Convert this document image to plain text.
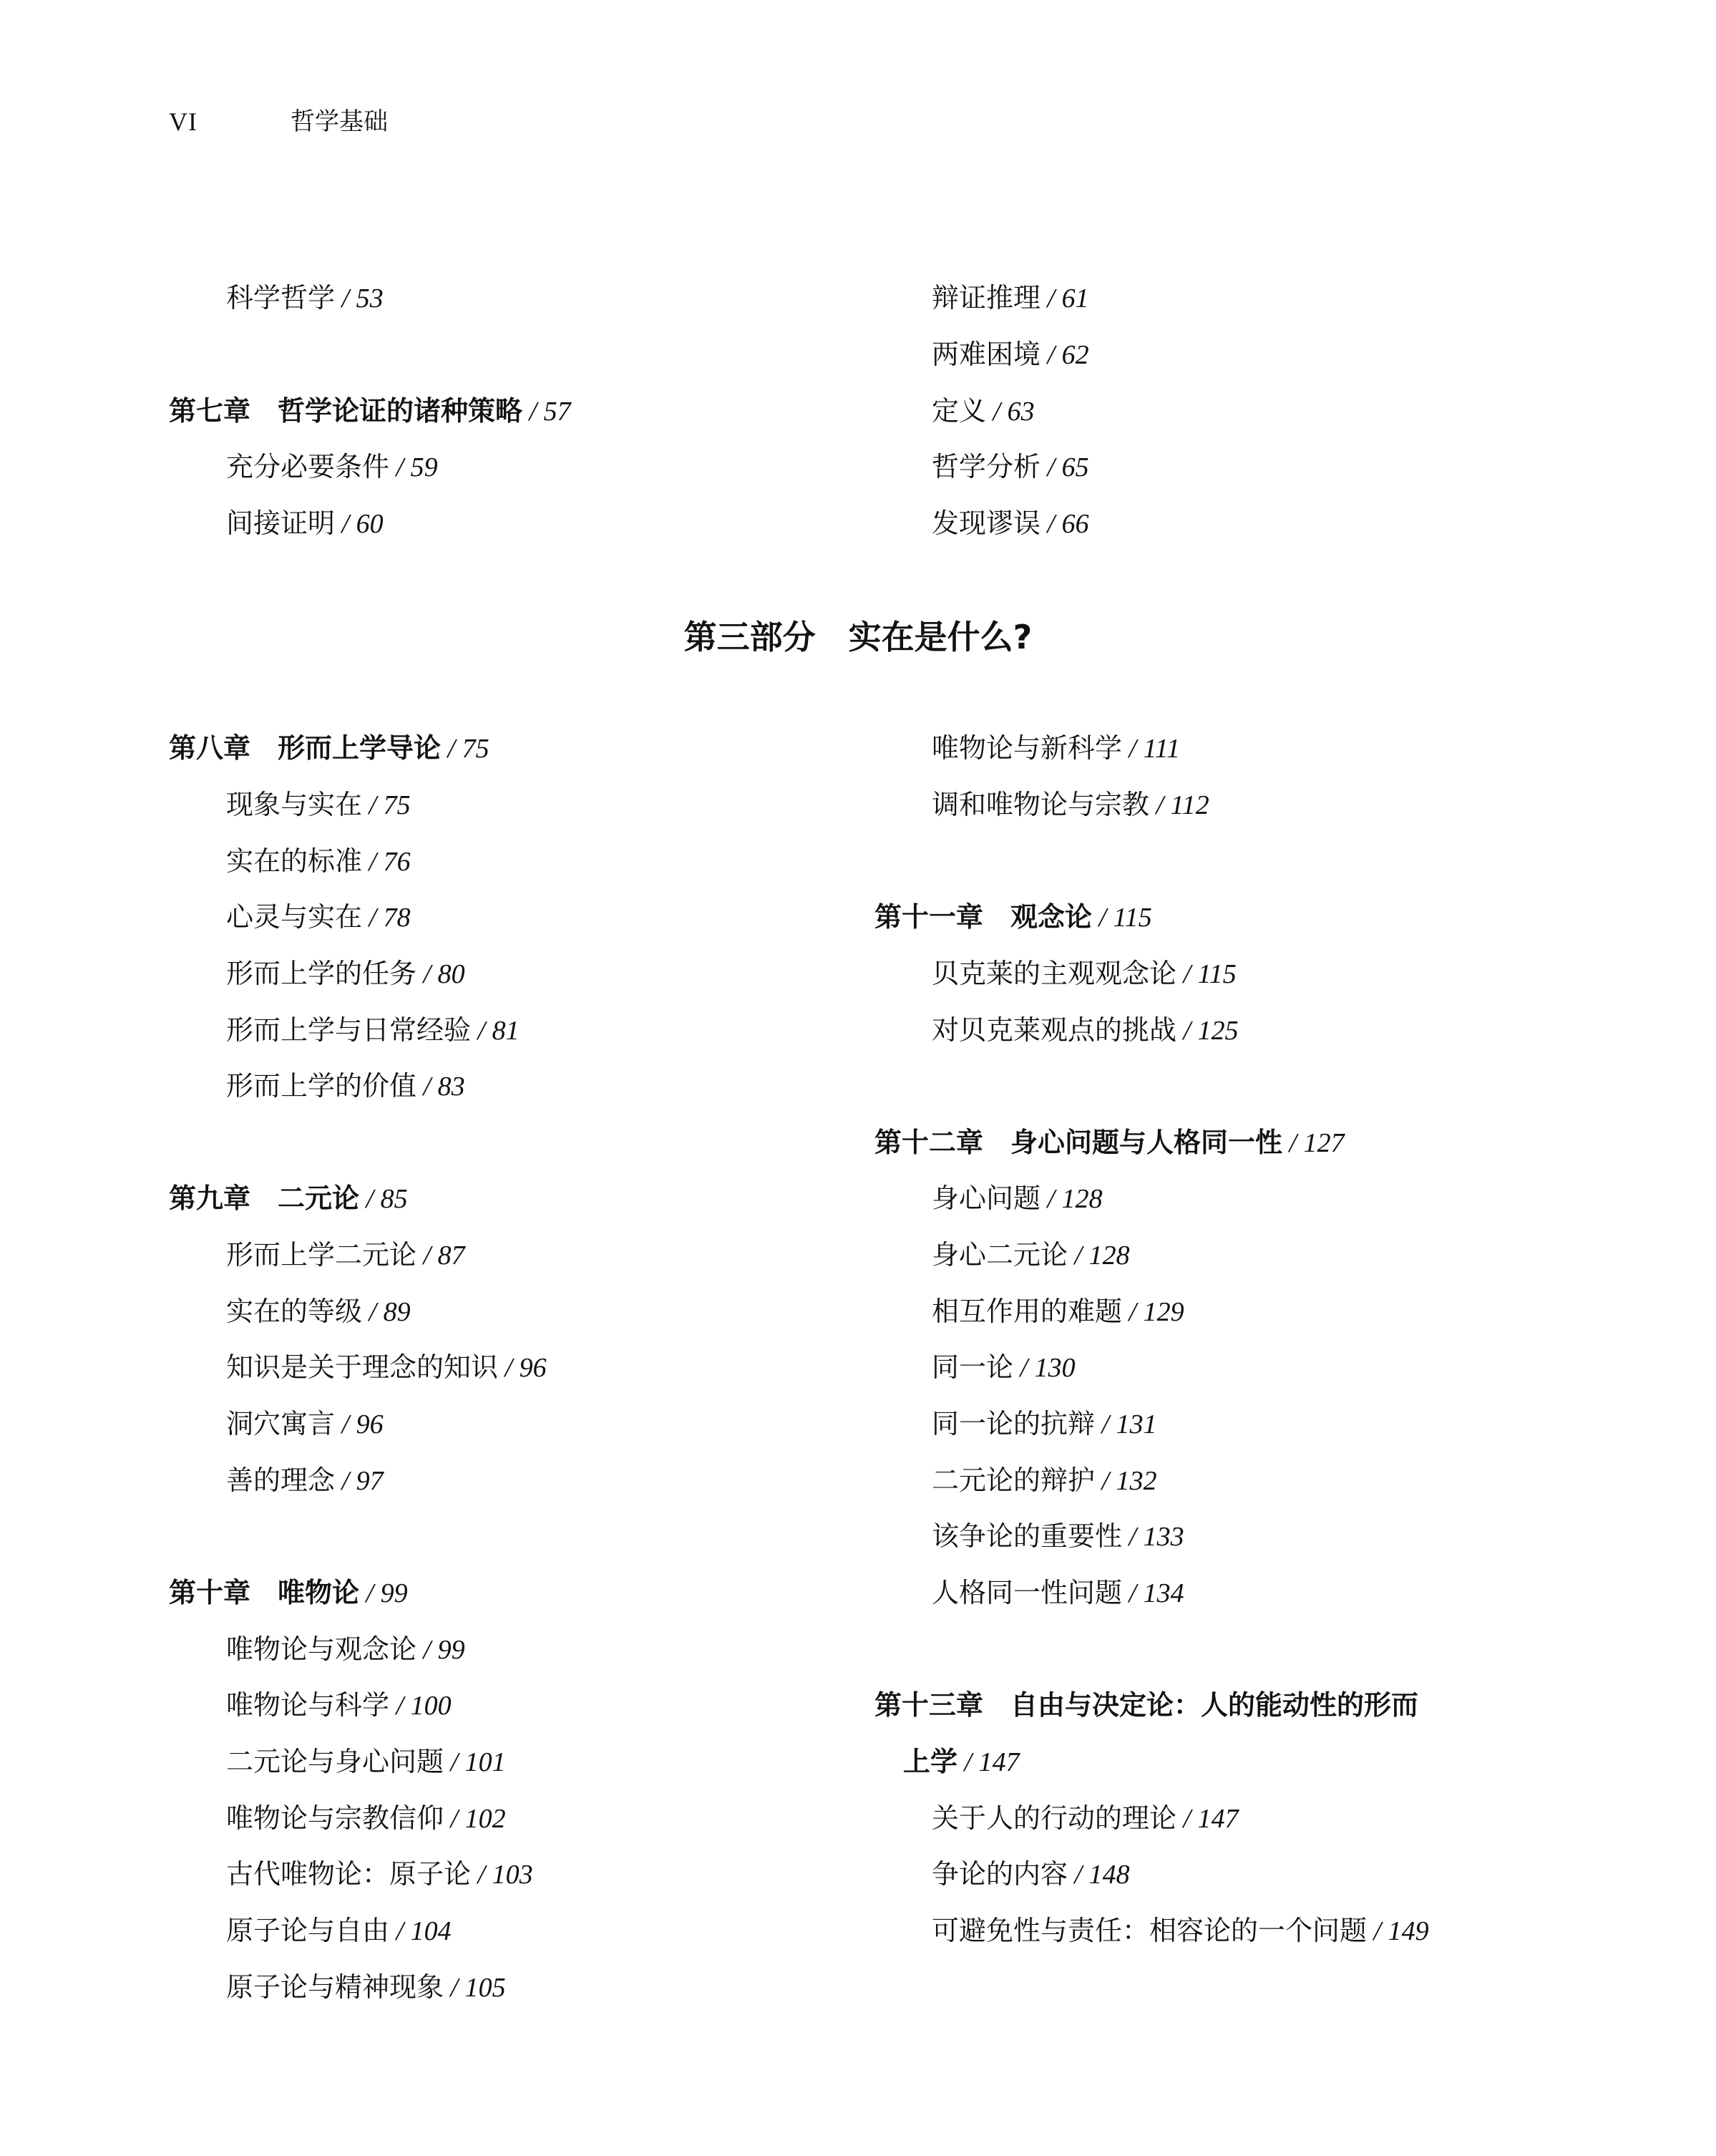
VI	哲学基础
科学哲学 / 53
第七章　哲学论证的诸种策略 / 57
充分必要条件 / 59
间接证明 / 60
辩证推理 / 61
两难困境 / 62
定义 / 63
哲学分析 / 65
发现谬误 / 66
第三部分　实在是什么?
第八章　形而上学导论 / 75
现象与实在 / 75
实在的标准 / 76
心灵与实在 / 78
形而上学的任务 / 80
形而上学与日常经验 / 81
形而上学的价值 / 83
第九章　二元论 / 85
形而上学二元论 / 87
实在的等级 / 89
知识是关于理念的知识 / 96
洞穴寓言 / 96
善的理念 / 97
第十章　唯物论 / 99
唯物论与观念论 / 99
唯物论与科学 / 100
二元论与身心问题 / 101
唯物论与宗教信仰 / 102
古代唯物论：原子论 / 103
原子论与自由 / 104
原子论与精神现象 / 105
唯物论与新科学 / 111
调和唯物论与宗教 / 112
第十一章　观念论 / 115
贝克莱的主观观念论 / 115
对贝克莱观点的挑战 / 125
第十二章　身心问题与人格同一性 / 127
身心问题 / 128
身心二元论 / 128
相互作用的难题 / 129
同一论 / 130
同一论的抗辩 / 131
二元论的辩护 / 132
该争论的重要性 / 133
人格同一性问题 / 134
第十三章　自由与决定论：人的能动性的形而
上学 / 147
关于人的行动的理论 / 147
争论的内容 / 148
可避免性与责任：相容论的一个问题 / 149
